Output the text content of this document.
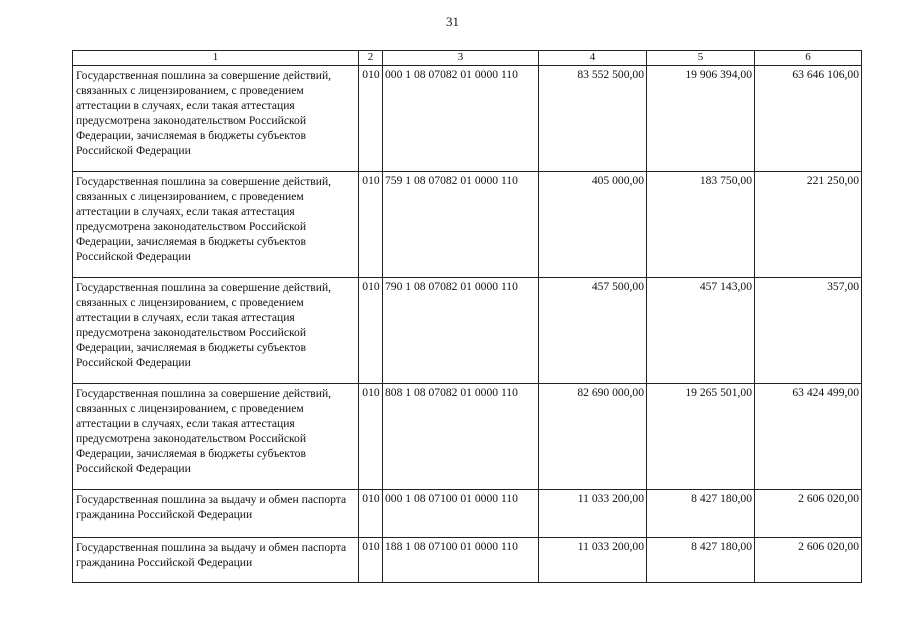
31
1	2	3	4	5	6
Государственная пошлина за совершение действий, связанных с лицензированием, с проведением аттестации в случаях, если такая аттестация предусмотрена законодательством Российской Федерации, зачисляемая в бюджеты субъектов Российской Федерации	010	000 1 08 07082 01 0000 110	83 552 500,00	19 906 394,00	63 646 106,00
Государственная пошлина за совершение действий, связанных с лицензированием, с проведением аттестации в случаях, если такая аттестация предусмотрена законодательством Российской Федерации, зачисляемая в бюджеты субъектов Российской Федерации	010	759 1 08 07082 01 0000 110	405 000,00	183 750,00	221 250,00
Государственная пошлина за совершение действий, связанных с лицензированием, с проведением аттестации в случаях, если такая аттестация предусмотрена законодательством Российской Федерации, зачисляемая в бюджеты субъектов Российской Федерации	010	790 1 08 07082 01 0000 110	457 500,00	457 143,00	357,00
Государственная пошлина за совершение действий, связанных с лицензированием, с проведением аттестации в случаях, если такая аттестация предусмотрена законодательством Российской Федерации, зачисляемая в бюджеты субъектов Российской Федерации	010	808 1 08 07082 01 0000 110	82 690 000,00	19 265 501,00	63 424 499,00
Государственная пошлина за выдачу и обмен паспорта гражданина Российской Федерации	010	000 1 08 07100 01 0000 110	11 033 200,00	8 427 180,00	2 606 020,00
Государственная пошлина за выдачу и обмен паспорта гражданина Российской Федерации	010	188 1 08 07100 01 0000 110	11 033 200,00	8 427 180,00	2 606 020,00
